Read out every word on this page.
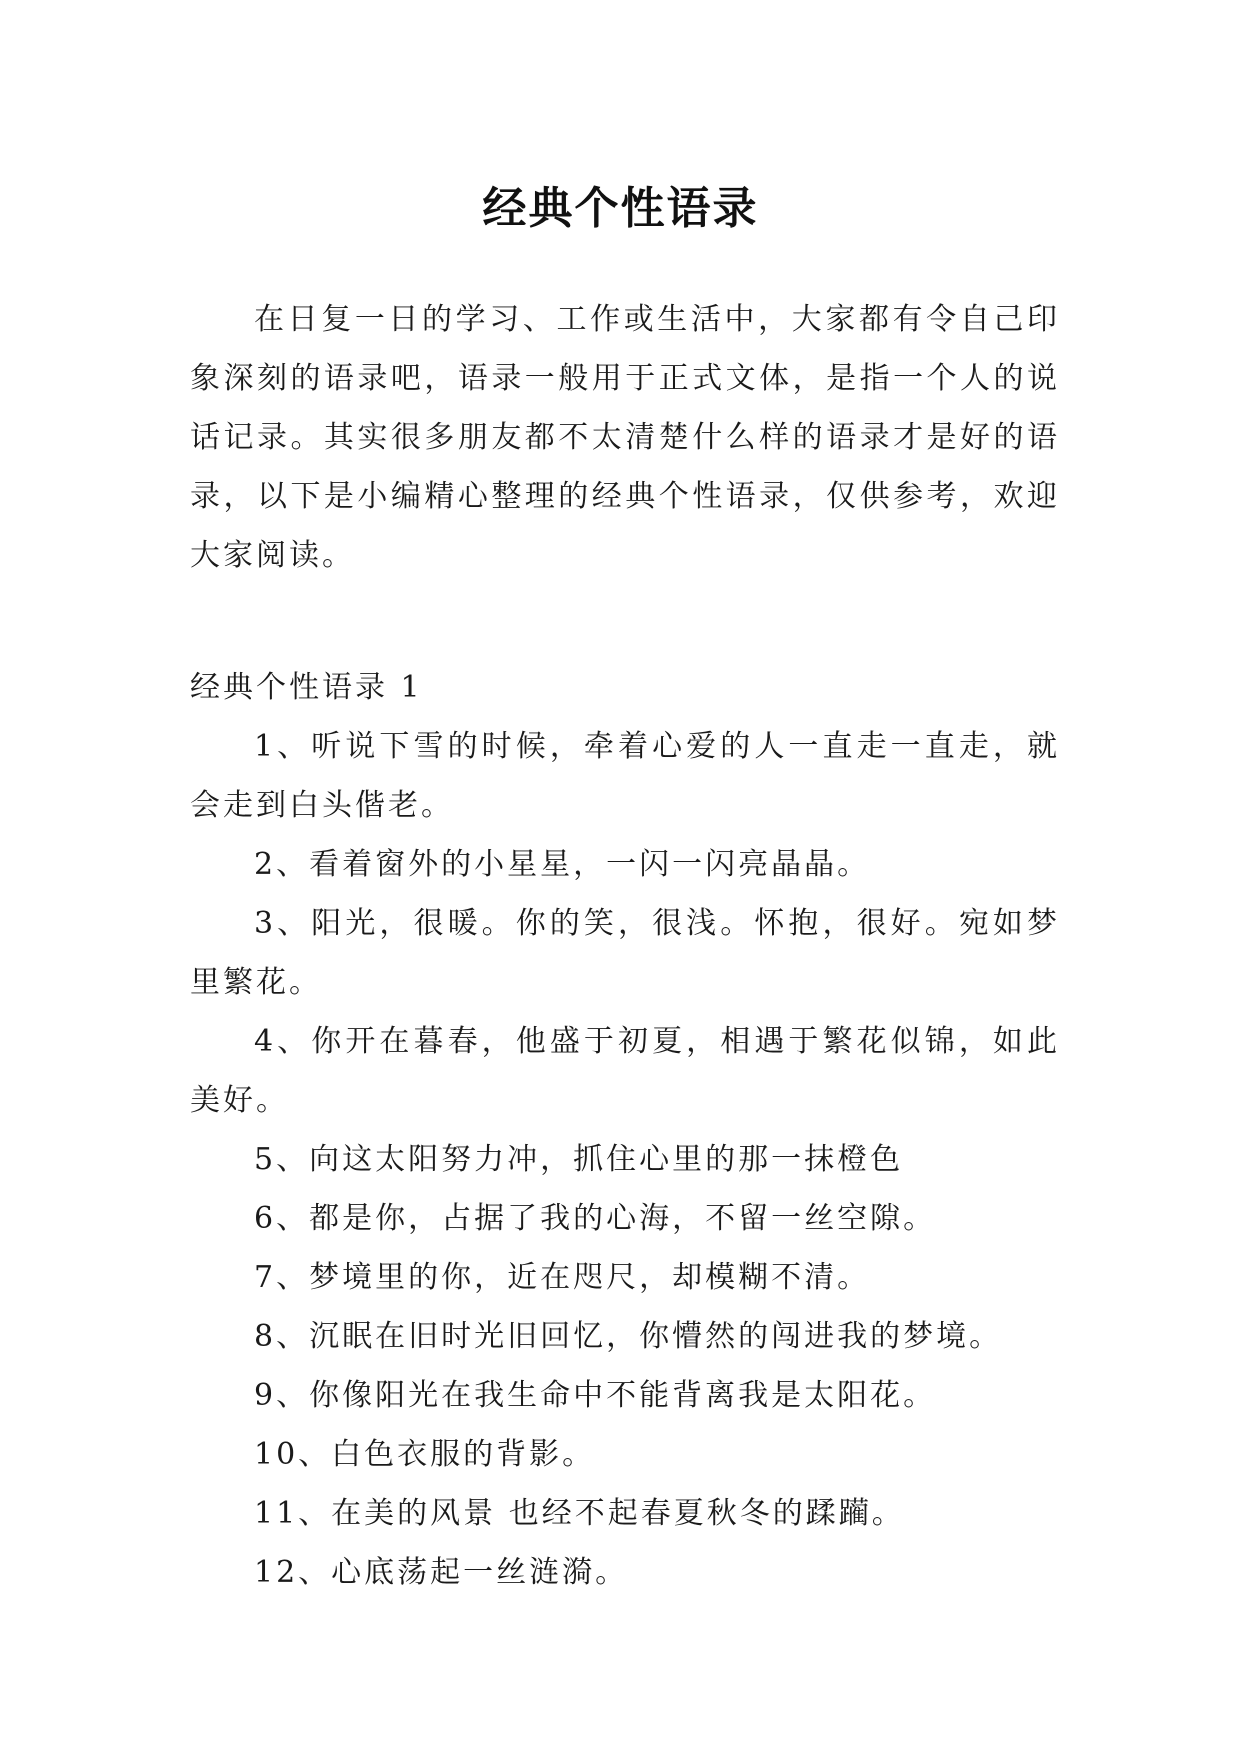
经典个性语录

在日复一日的学习、工作或生活中，大家都有令自己印象深刻的语录吧，语录一般用于正式文体，是指一个人的说话记录。其实很多朋友都不太清楚什么样的语录才是好的语录，以下是小编精心整理的经典个性语录，仅供参考，欢迎大家阅读。

经典个性语录 1

1、听说下雪的时候，牵着心爱的人一直走一直走，就会走到白头偕老。
2、看着窗外的小星星，一闪一闪亮晶晶。
3、阳光，很暖。你的笑，很浅。怀抱，很好。宛如梦里繁花。
4、你开在暮春，他盛于初夏，相遇于繁花似锦，如此美好。
5、向这太阳努力冲，抓住心里的那一抹橙色
6、都是你，占据了我的心海，不留一丝空隙。
7、梦境里的你，近在咫尺，却模糊不清。
8、沉眠在旧时光旧回忆，你懵然的闯进我的梦境。
9、你像阳光在我生命中不能背离我是太阳花。
10、白色衣服的背影。
11、在美的风景 也经不起春夏秋冬的蹂躏。
12、心底荡起一丝涟漪。
